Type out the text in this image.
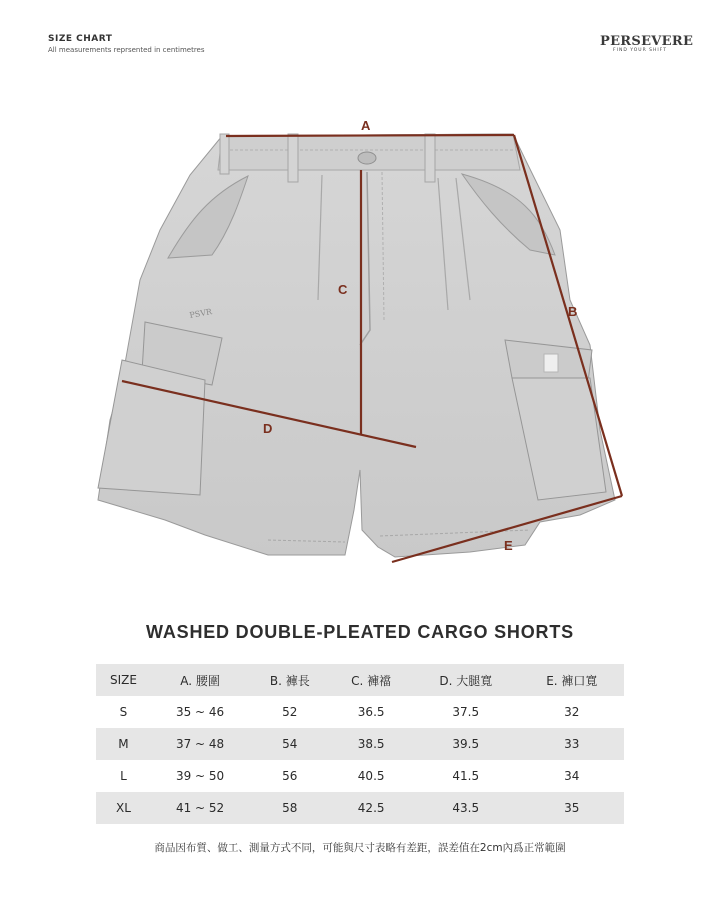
SIZE CHART
All measurements reprsented in centimetres
PERSEVERE
FIND YOUR SHIFT
PSVR
A
B
C
D
E
WASHED DOUBLE-PLEATED CARGO SHORTS
SIZE	A. 腰圍	B. 褲長	C. 褲襠	D. 大腿寬	E. 褲口寬
S	35 ~ 46	52	36.5	37.5	32
M	37 ~ 48	54	38.5	39.5	33
L	39 ~ 50	56	40.5	41.5	34
XL	41 ~ 52	58	42.5	43.5	35
商品因布質、做工、測量方式不同，可能與尺寸表略有差距，誤差值在2cm內爲正常範圍
